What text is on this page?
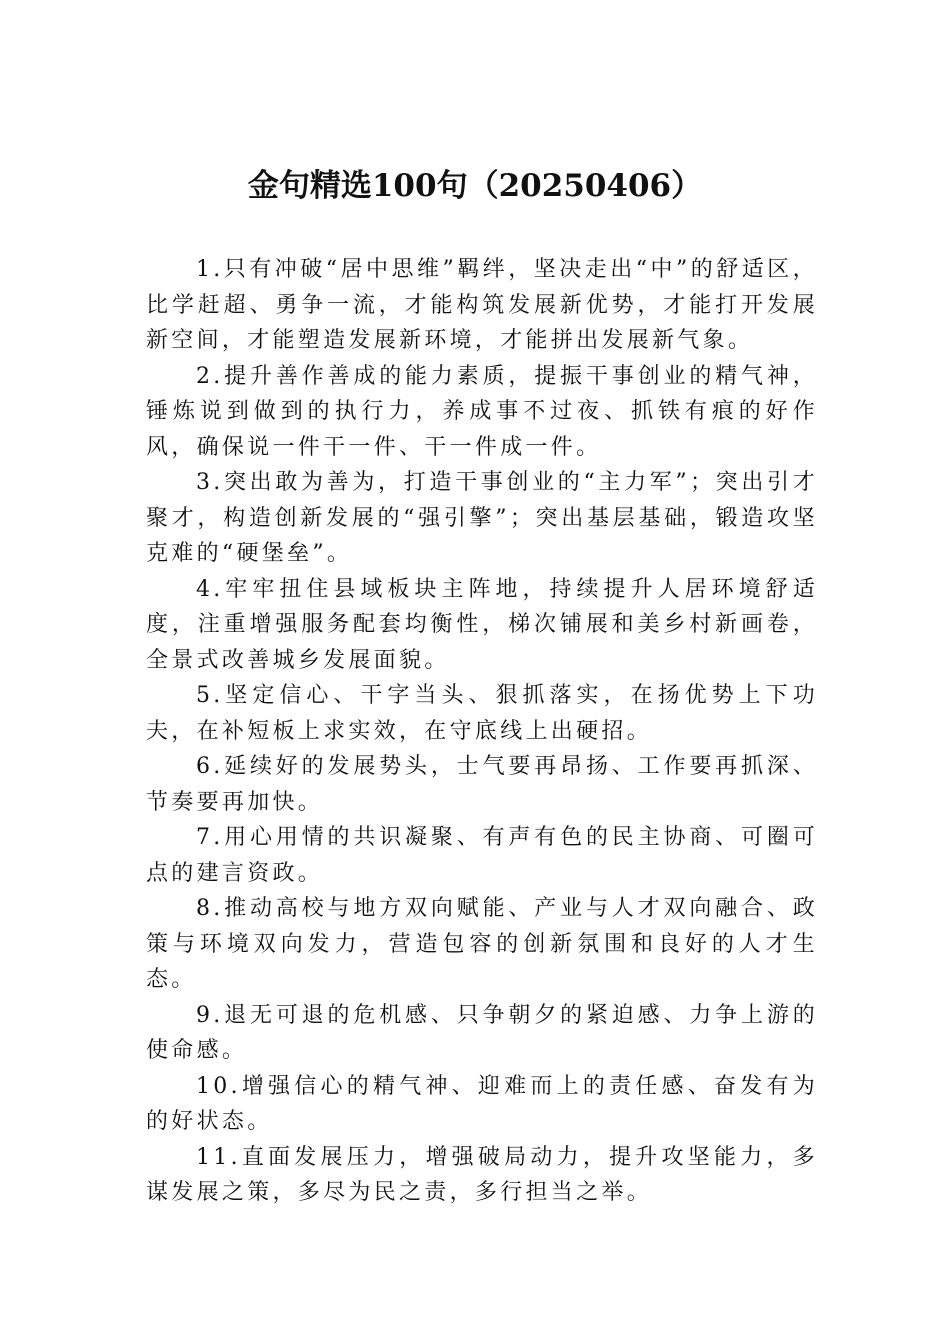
金句精选100句（20250406）

1.只有冲破“居中思维”羁绊，坚决走出“中”的舒适区，比学赶超、勇争一流，才能构筑发展新优势，才能打开发展新空间，才能塑造发展新环境，才能拼出发展新气象。

2.提升善作善成的能力素质，提振干事创业的精气神，锤炼说到做到的执行力，养成事不过夜、抓铁有痕的好作风，确保说一件干一件、干一件成一件。

3.突出敢为善为，打造干事创业的“主力军”；突出引才聚才，构造创新发展的“强引擎”；突出基层基础，锻造攻坚克难的“硬堡垒”。

4.牢牢扭住县域板块主阵地，持续提升人居环境舒适度，注重增强服务配套均衡性，梯次铺展和美乡村新画卷，全景式改善城乡发展面貌。

5.坚定信心、干字当头、狠抓落实，在扬优势上下功夫，在补短板上求实效，在守底线上出硬招。

6.延续好的发展势头，士气要再昂扬、工作要再抓深、节奏要再加快。

7.用心用情的共识凝聚、有声有色的民主协商、可圈可点的建言资政。

8.推动高校与地方双向赋能、产业与人才双向融合、政策与环境双向发力，营造包容的创新氛围和良好的人才生态。

9.退无可退的危机感、只争朝夕的紧迫感、力争上游的使命感。

10.增强信心的精气神、迎难而上的责任感、奋发有为的好状态。

11.直面发展压力，增强破局动力，提升攻坚能力，多谋发展之策，多尽为民之责，多行担当之举。
